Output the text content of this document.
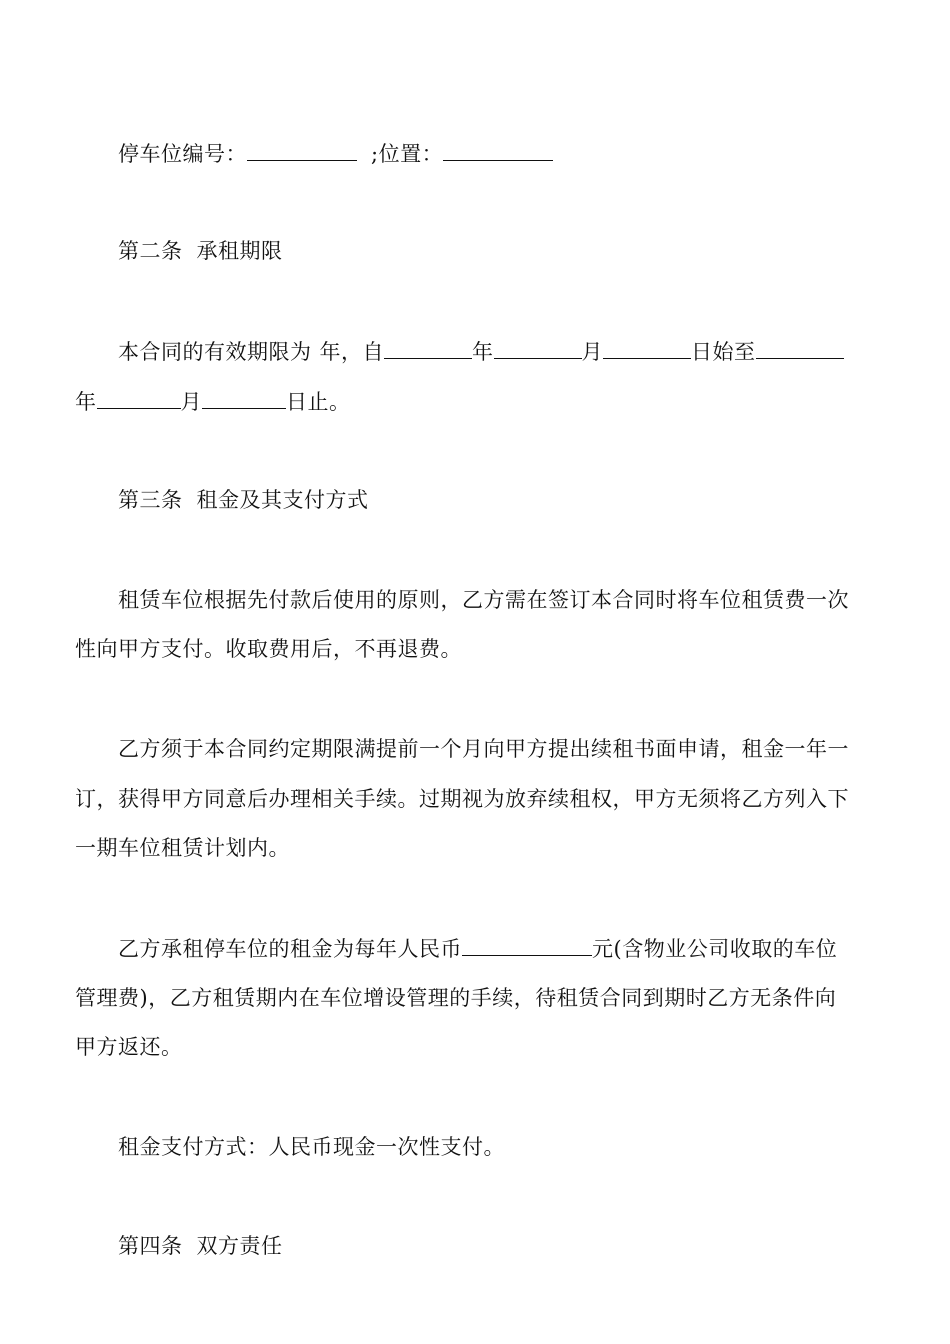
停车位编号：	;位置：
第二条 承租期限
本合同的有效期限为 年，自	年	月	日始至
年	月	日止。
第三条 租金及其支付方式
租赁车位根据先付款后使用的原则，乙方需在签订本合同时将车位租赁费一次
性向甲方支付。收取费用后，不再退费。
乙方须于本合同约定期限满提前一个月向甲方提出续租书面申请，租金一年一
订，获得甲方同意后办理相关手续。过期视为放弃续租权，甲方无须将乙方列入下
一期车位租赁计划内。
乙方承租停车位的租金为每年人民币	元(含物业公司收取的车位
管理费)，乙方租赁期内在车位增设管理的手续，待租赁合同到期时乙方无条件向
甲方返还。
租金支付方式：人民币现金一次性支付。
第四条 双方责任
